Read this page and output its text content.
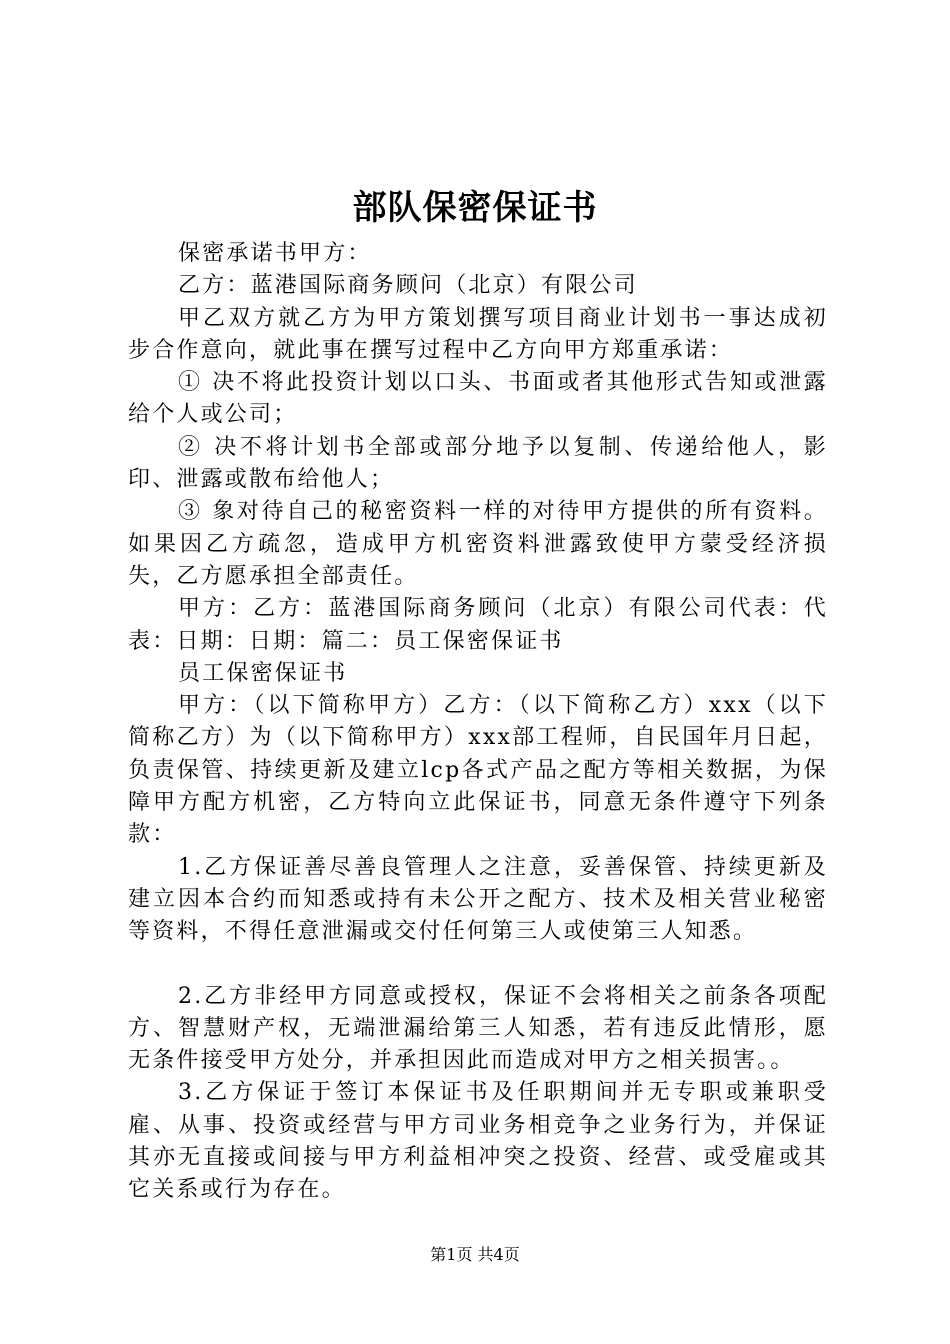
部队保密保证书

保密承诺书甲方：

乙方：蓝港国际商务顾问（北京）有限公司

甲乙双方就乙方为甲方策划撰写项目商业计划书一事达成初步合作意向，就此事在撰写过程中乙方向甲方郑重承诺：

① 决不将此投资计划以口头、书面或者其他形式告知或泄露给个人或公司；

② 决不将计划书全部或部分地予以复制、传递给他人，影印、泄露或散布给他人；

③ 象对待自己的秘密资料一样的对待甲方提供的所有资料。如果因乙方疏忽，造成甲方机密资料泄露致使甲方蒙受经济损失，乙方愿承担全部责任。

甲方：乙方：蓝港国际商务顾问（北京）有限公司代表：代表：日期：日期：篇二：员工保密保证书

员工保密保证书

甲方：（以下简称甲方）乙方：（以下简称乙方）xxx（以下简称乙方）为（以下简称甲方）xxx部工程师，自民国年月日起，负责保管、持续更新及建立lcp各式产品之配方等相关数据，为保障甲方配方机密，乙方特向立此保证书，同意无条件遵守下列条款：

1.乙方保证善尽善良管理人之注意，妥善保管、持续更新及建立因本合约而知悉或持有未公开之配方、技术及相关营业秘密等资料，不得任意泄漏或交付任何第三人或使第三人知悉。

2.乙方非经甲方同意或授权，保证不会将相关之前条各项配方、智慧财产权，无端泄漏给第三人知悉，若有违反此情形，愿无条件接受甲方处分，并承担因此而造成对甲方之相关损害。。

3.乙方保证于签订本保证书及任职期间并无专职或兼职受雇、从事、投资或经营与甲方司业务相竞争之业务行为，并保证其亦无直接或间接与甲方利益相冲突之投资、经营、或受雇或其它关系或行为存在。

第1页 共4页
